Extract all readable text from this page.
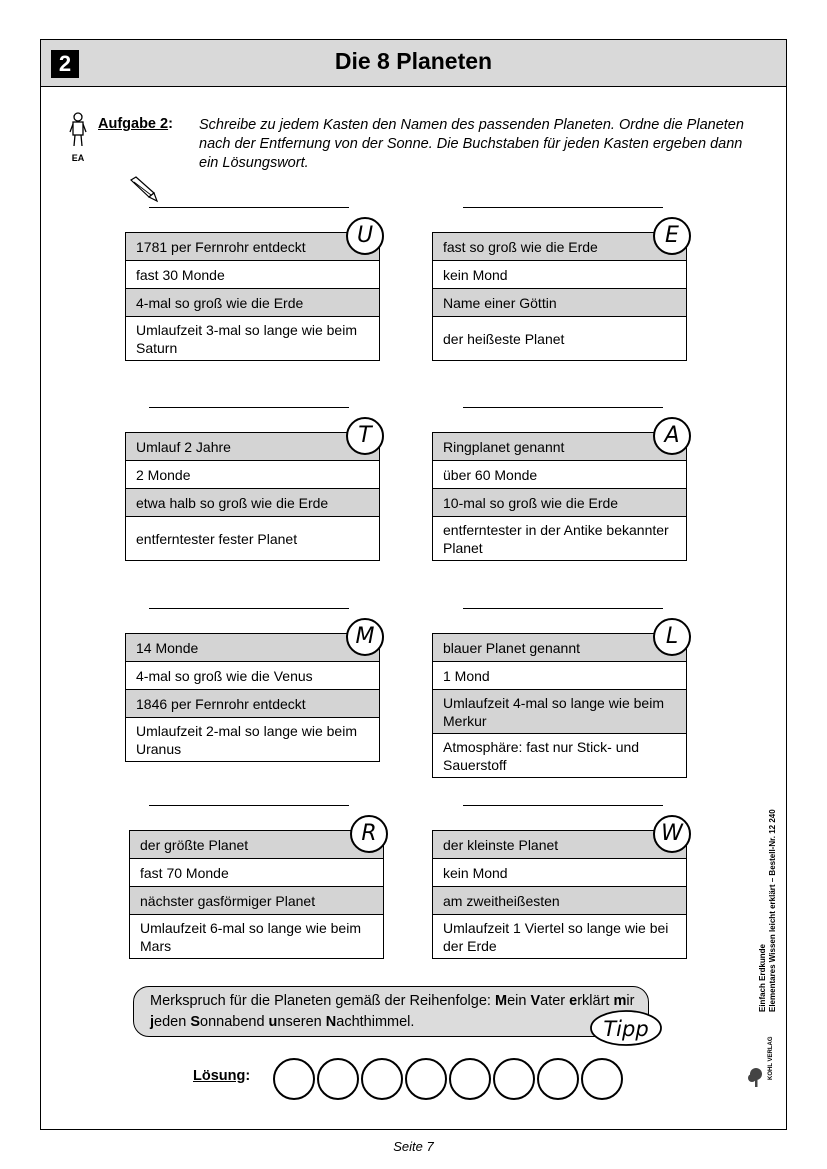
2	Die 8 Planeten
EA
Aufgabe 2: Schreibe zu jedem Kasten den Namen des passenden Planeten. Ordne die Planeten nach der Entfernung von der Sonne. Die Buchstaben für jeden Kasten ergeben dann ein Lösungswort.
1781 per Fernrohr entdeckt
fast 30 Monde
4-mal so groß wie die Erde
Umlaufzeit 3-mal so lange wie beim Saturn
U	fast so groß wie die Erde
kein Mond
Name einer Göttin
der heißeste Planet
E
Umlauf 2 Jahre
2 Monde
etwa halb so groß wie die Erde
entferntester fester Planet
T	Ringplanet genannt
über 60 Monde
10-mal so groß wie die Erde
entferntester in der Antike bekannter Planet
A
14 Monde
4-mal so groß wie die Venus
1846 per Fernrohr entdeckt
Umlaufzeit 2-mal so lange wie beim Uranus
M	blauer Planet genannt
1 Mond
Umlaufzeit 4-mal so lange wie beim Merkur
Atmosphäre: fast nur Stick- und Sauerstoff
L
der größte Planet
fast 70 Monde
nächster gasförmiger Planet
Umlaufzeit 6-mal so lange wie beim Mars
R	der kleinste Planet
kein Mond
am zweitheißesten
Umlaufzeit 1 Viertel so lange wie bei der Erde
W
Merkspruch für die Planeten gemäß der Reihenfolge: Mein Vater erklärt mir jeden Sonnabend unseren Nachthimmel.	Tipp
Lösung:
Einfach Erdkunde Elementares Wissen leicht erklärt – Bestell-Nr. 12 240
KOHL VERLAG
Seite 7
